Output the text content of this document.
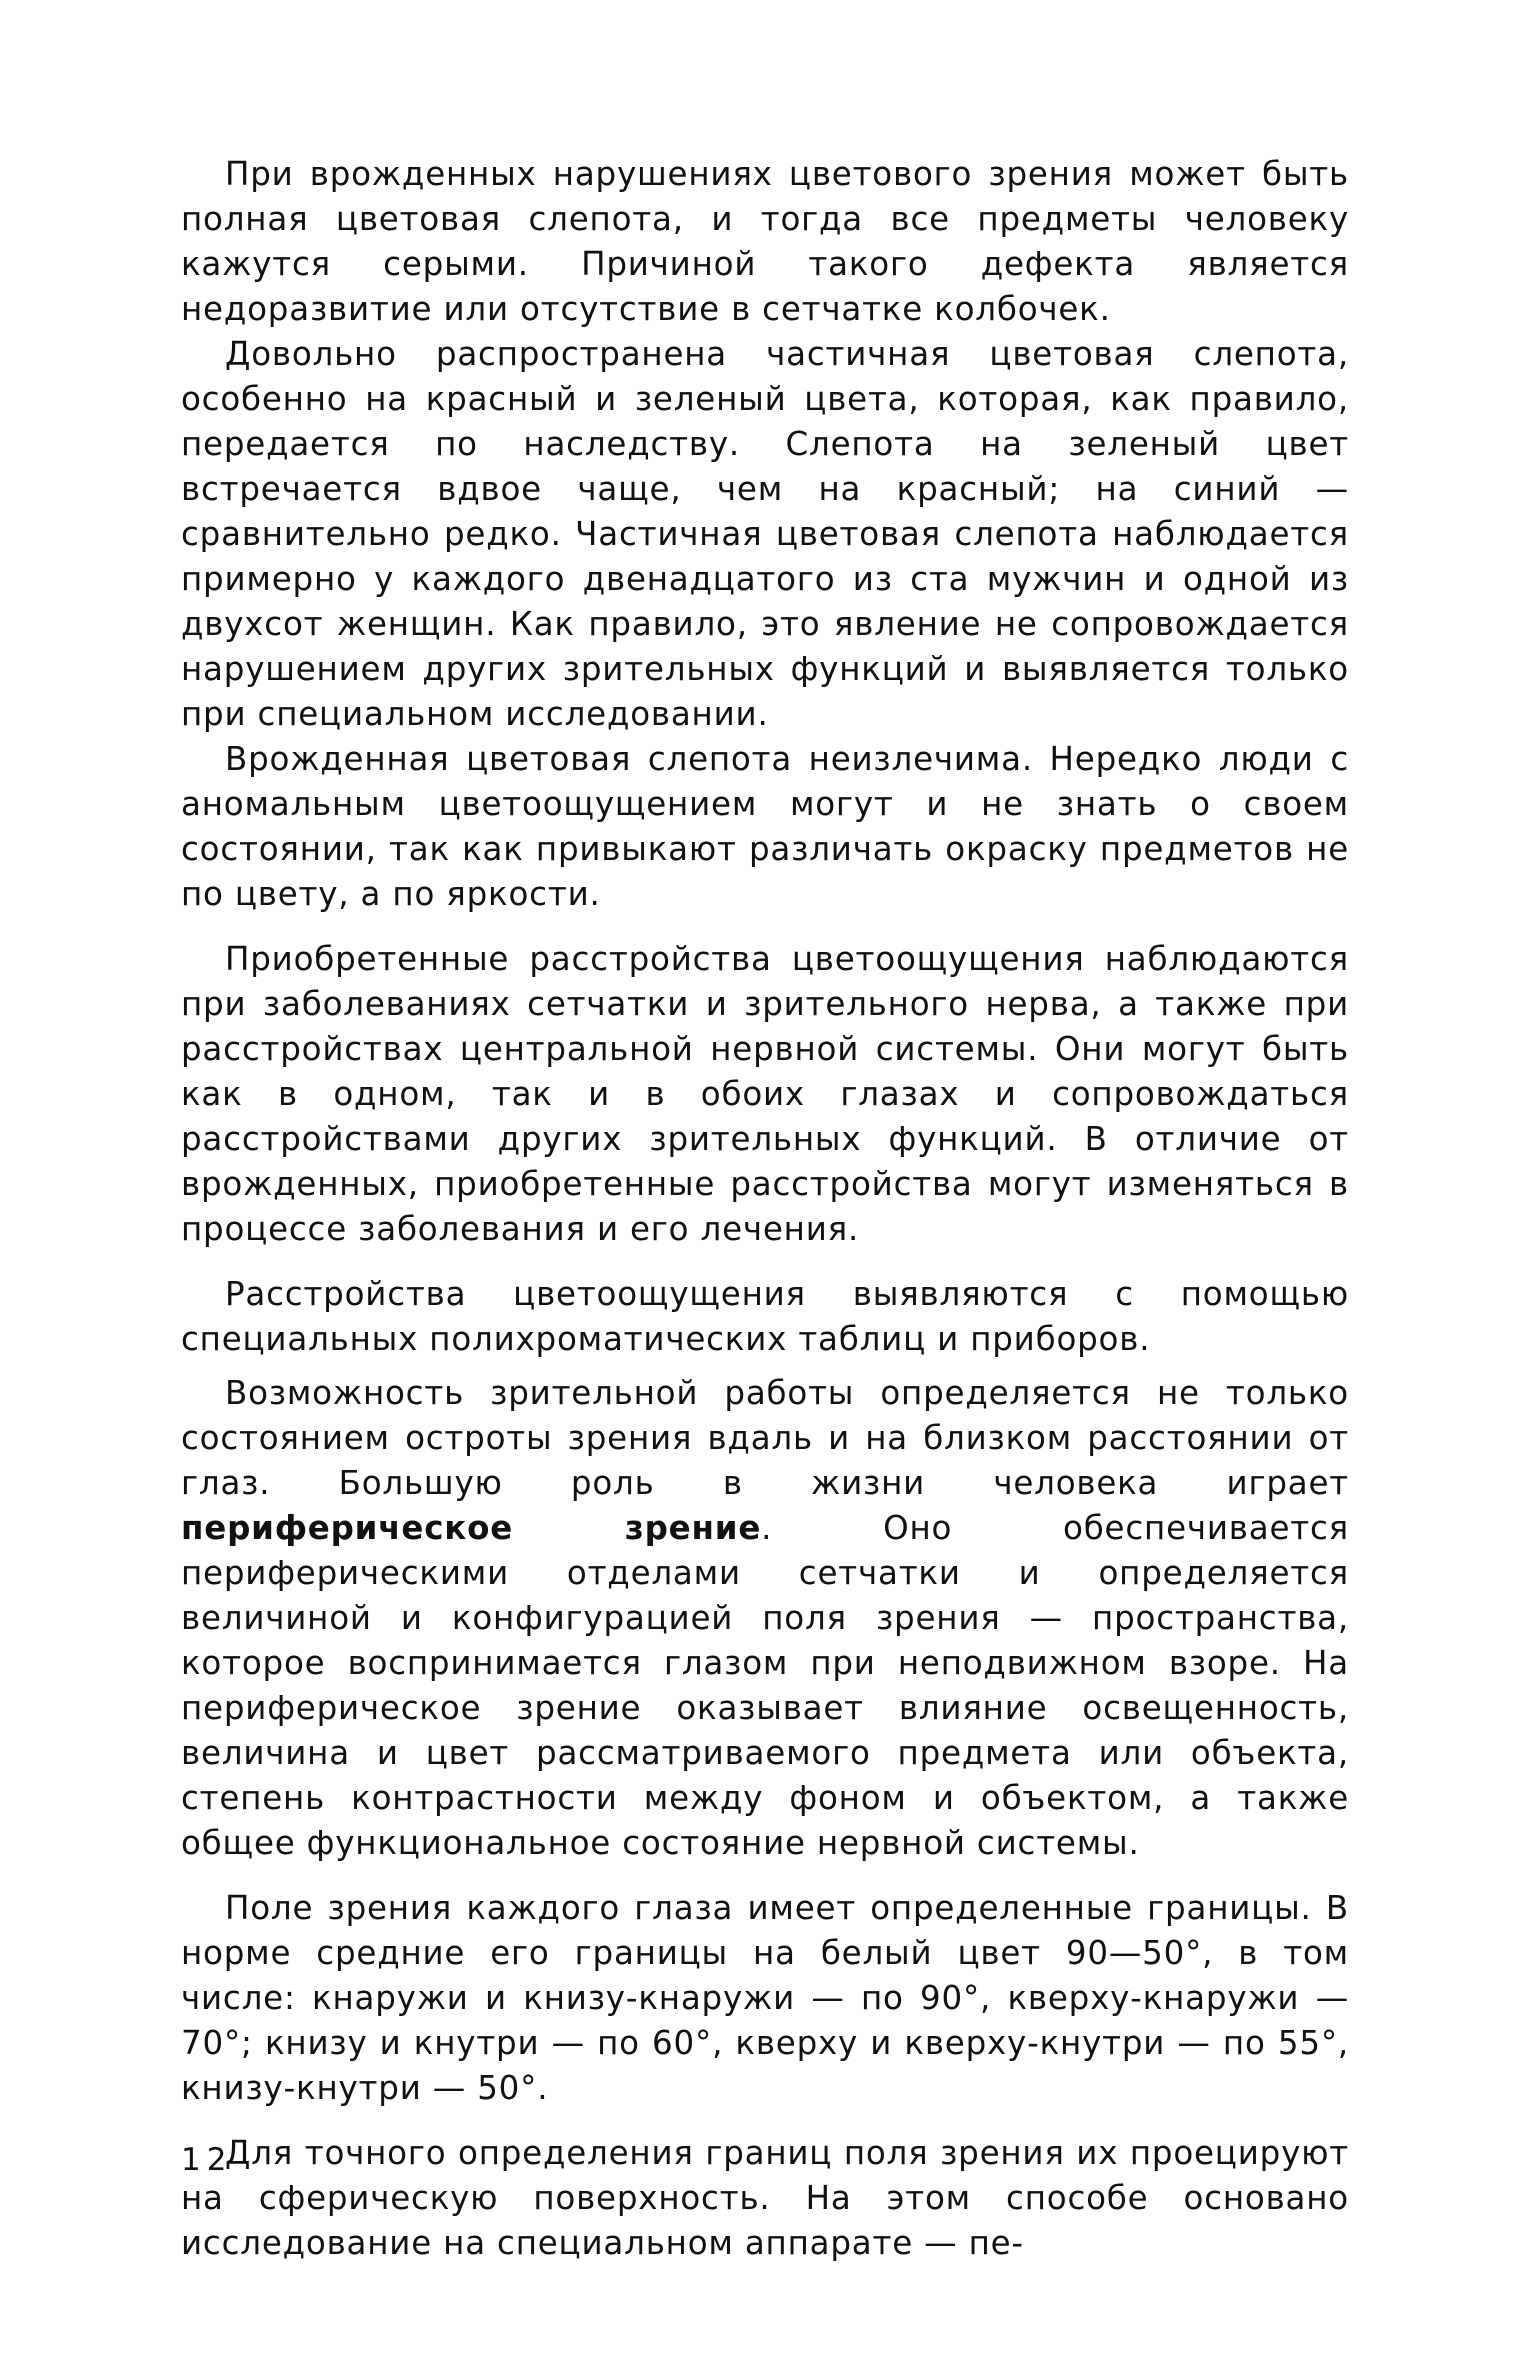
При врожденных нарушениях цветового зрения может быть полная цветовая слепота, и тогда все предметы человеку кажутся серыми. Причиной такого дефекта является недоразвитие или отсутствие в сетчатке колбочек.

Довольно распространена частичная цветовая слепота, особенно на красный и зеленый цвета, которая, как правило, передается по наследству. Слепота на зеленый цвет встречается вдвое чаще, чем на красный; на синий — сравнительно редко. Частичная цветовая слепота наблюдается примерно у каждого двенадцатого из ста мужчин и одной из двухсот женщин. Как правило, это явление не сопровождается нарушением других зрительных функций и выявляется только при специальном исследовании.

Врожденная цветовая слепота неизлечима. Нередко люди с аномальным цветоощущением могут и не знать о своем состоянии, так как привыкают различать окраску предметов не по цвету, а по яркости.

Приобретенные расстройства цветоощущения наблюдаются при заболеваниях сетчатки и зрительного нерва, а также при расстройствах центральной нервной системы. Они могут быть как в одном, так и в обоих глазах и сопровождаться расстройствами других зрительных функций. В отличие от врожденных, приобретенные расстройства могут изменяться в процессе заболевания и его лечения.

Расстройства цветоощущения выявляются с помощью специальных полихроматических таблиц и приборов.

Возможность зрительной работы определяется не только состоянием остроты зрения вдаль и на близком расстоянии от глаз. Большую роль в жизни человека играет периферическое зрение. Оно обеспечивается периферическими отделами сетчатки и определяется величиной и конфигурацией поля зрения — пространства, которое воспринимается глазом при неподвижном взоре. На периферическое зрение оказывает влияние освещенность, величина и цвет рассматриваемого предмета или объекта, степень контрастности между фоном и объектом, а также общее функциональное состояние нервной системы.

Поле зрения каждого глаза имеет определенные границы. В норме средние его границы на белый цвет 90—50°, в том числе: кнаружи и книзу-кнаружи — по 90°, кверху-кнаружи — 70°; книзу и кнутри — по 60°, кверху и кверху-кнутри — по 55°, книзу-кнутри — 50°.

Для точного определения границ поля зрения их проецируют на сферическую поверхность. На этом способе основано исследование на специальном аппарате — пе-

12
